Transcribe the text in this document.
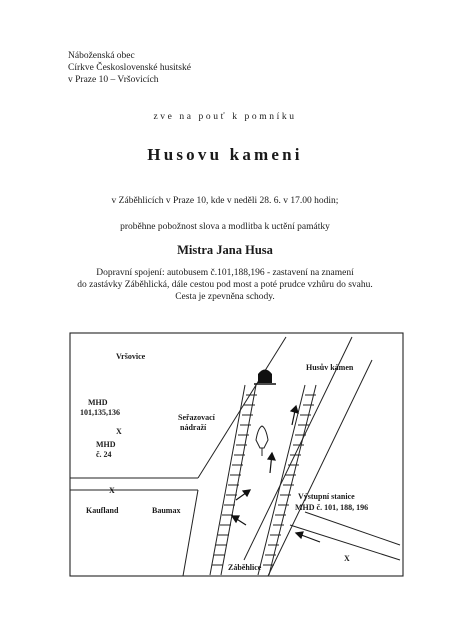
Náboženská obec
Církve Československé husitské
v Praze 10 – Vršovicích
zve na pouť k pomníku
Husovu kameni
v Záběhlicích v Praze 10, kde v neděli 28. 6. v 17.00 hodin;
proběhne pobožnost slova a modlitba k uctění památky
Mistra Jana Husa
Dopravní spojení: autobusem č.101,188,196 - zastavení na znamení
do zastávky Záběhlická, dále cestou pod most a poté prudce vzhůru do svahu.
Cesta je zpevněna schody.
X
X
X
Vršovice
Husův kámen
MHD
101,135,136
MHD
č. 24
Seřazovací
nádraží
Kaufland	Baumax
Výstupní stanice
MHD č. 101, 188, 196
Záběhlice
